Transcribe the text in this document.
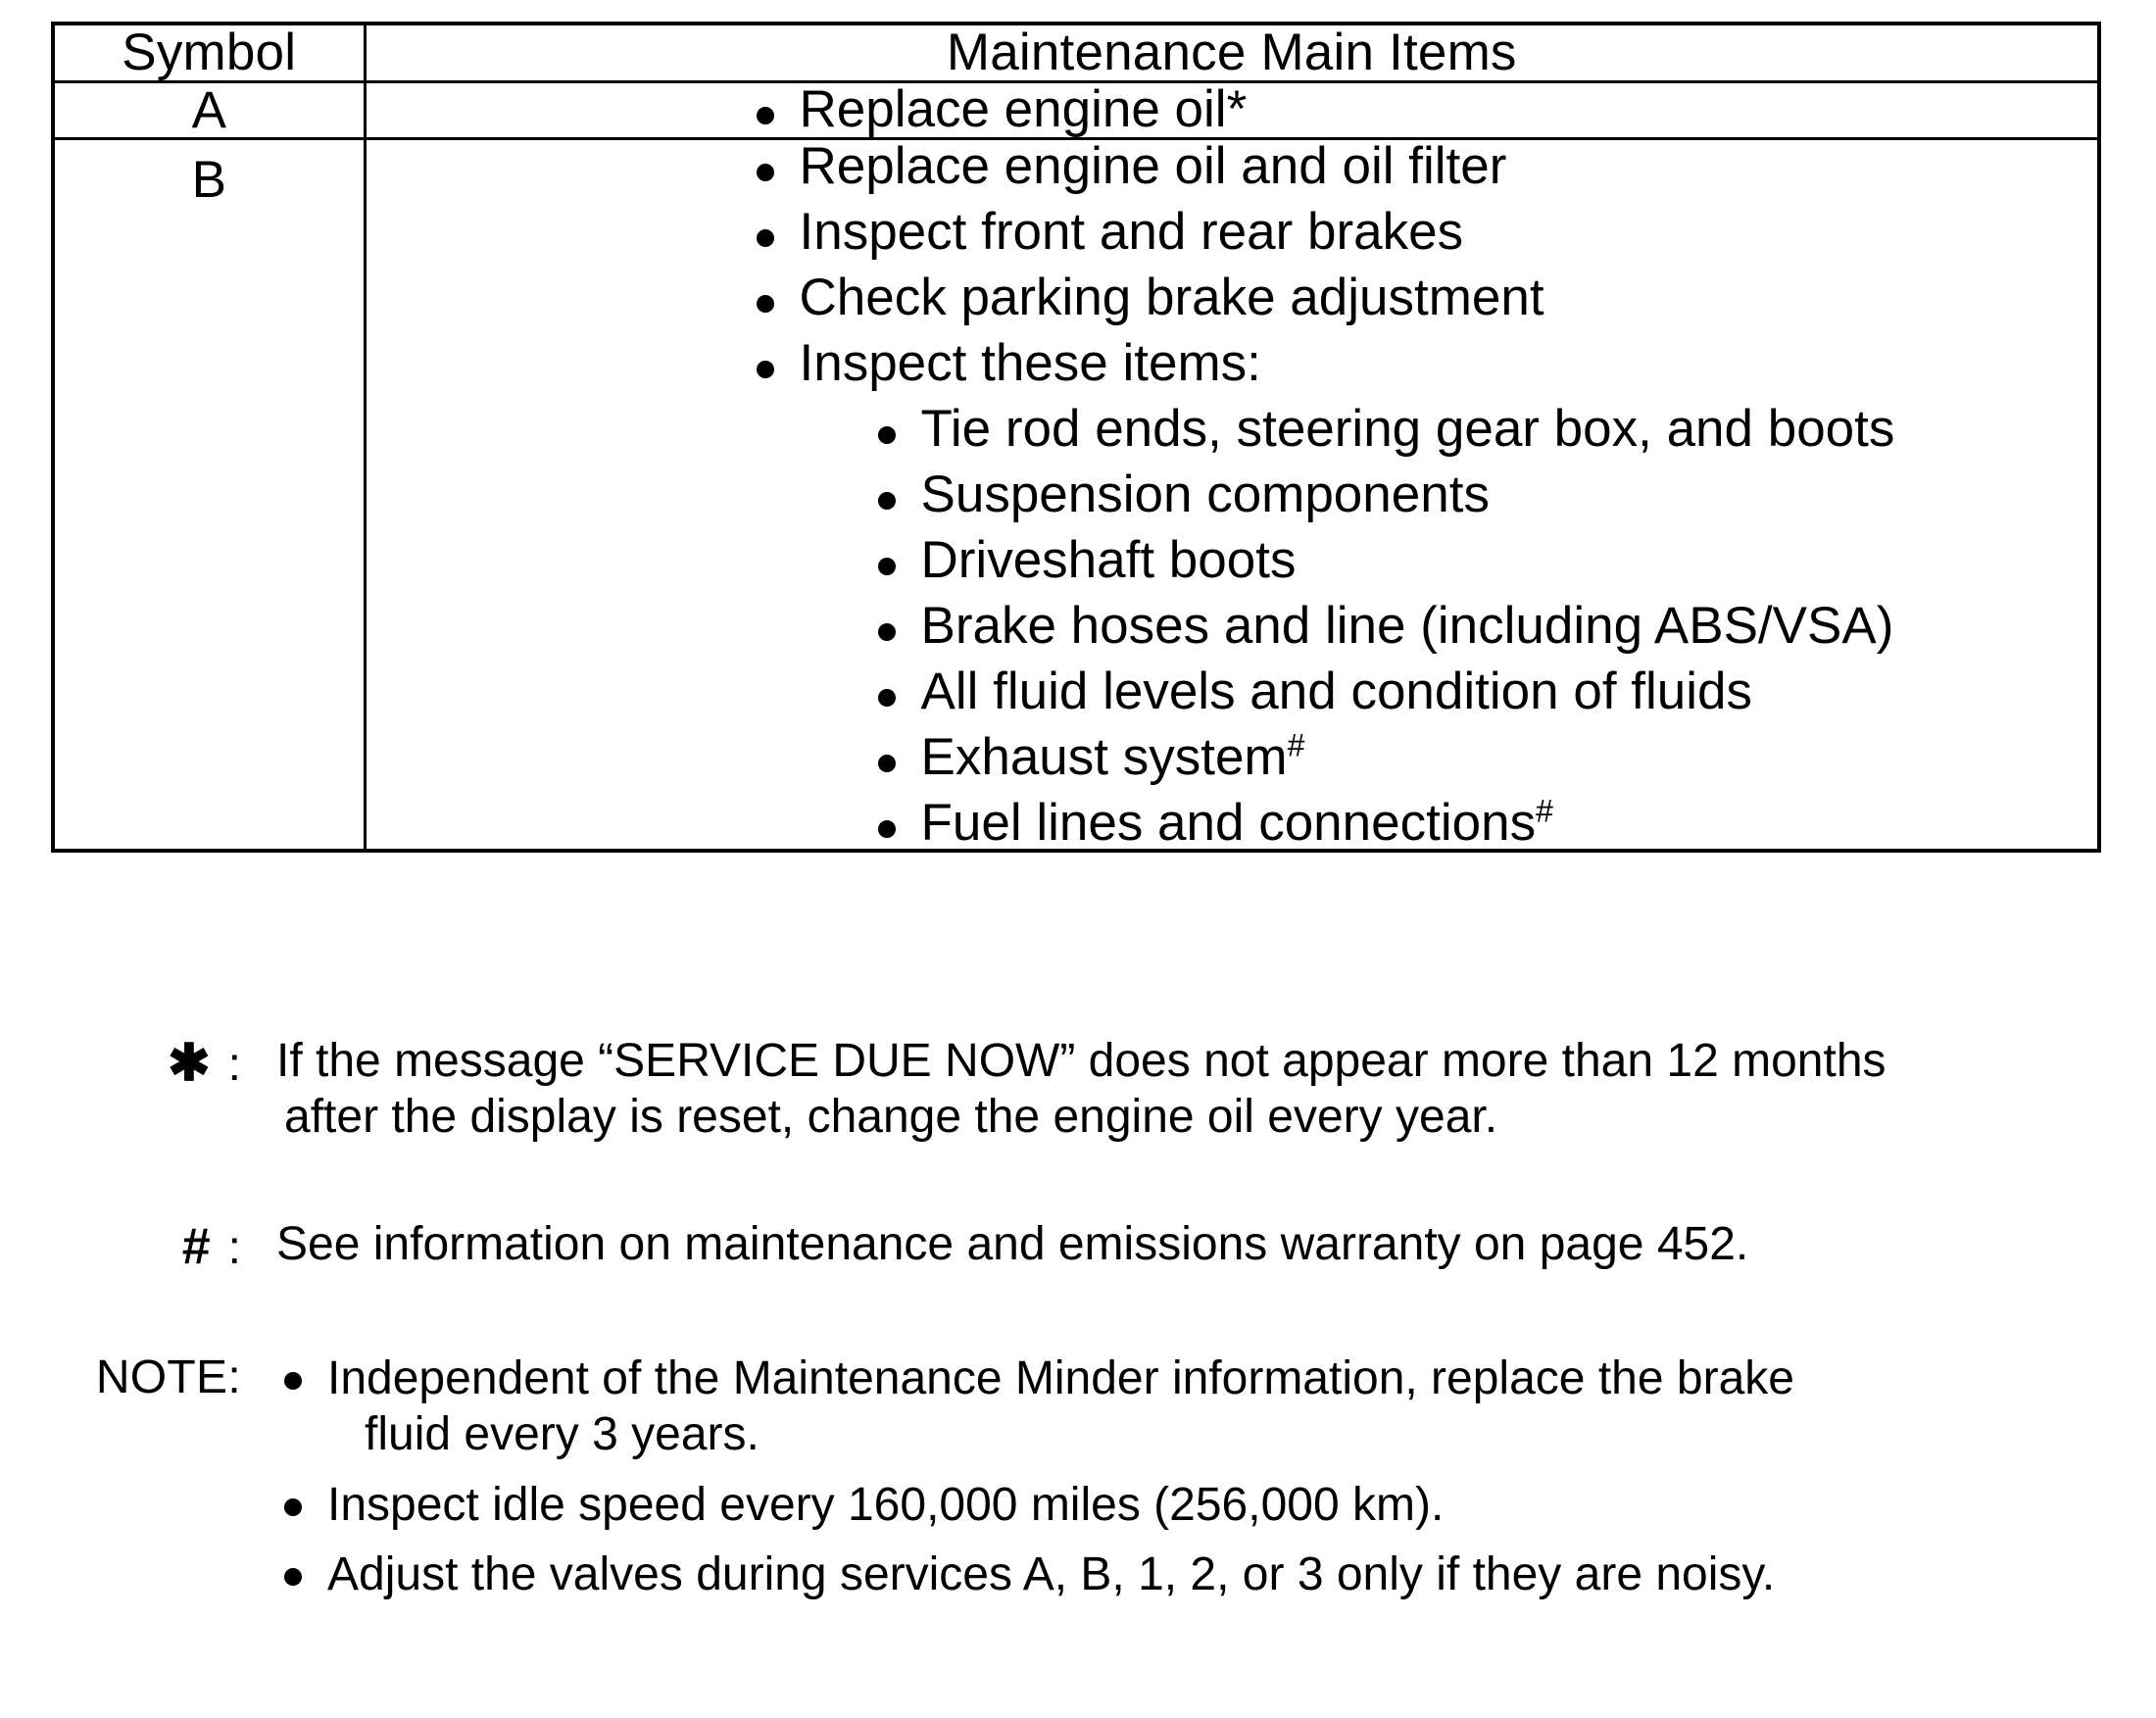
Symbol	Maintenance Main Items
A	Replace engine oil*

B	Replace engine oil and oil filter
Inspect front and rear brakes
Check parking brake adjustment
Inspect these items:
Tie rod ends, steering gear box, and boots
Suspension components
Driveshaft boots
Brake hoses and line (including ABS/VSA)
All fluid levels and condition of fluids
Exhaust system#
Fuel lines and connections#
✱ : If the message “SERVICE DUE NOW” does not appear more than 12 months
after the display is reset, change the engine oil every year.
# : See information on maintenance and emissions warranty on page 452.
NOTE:	Independent of the Maintenance Minder information, replace the brake
fluid every 3 years.
Inspect idle speed every 160,000 miles (256,000 km).
Adjust the valves during services A, B, 1, 2, or 3 only if they are noisy.
